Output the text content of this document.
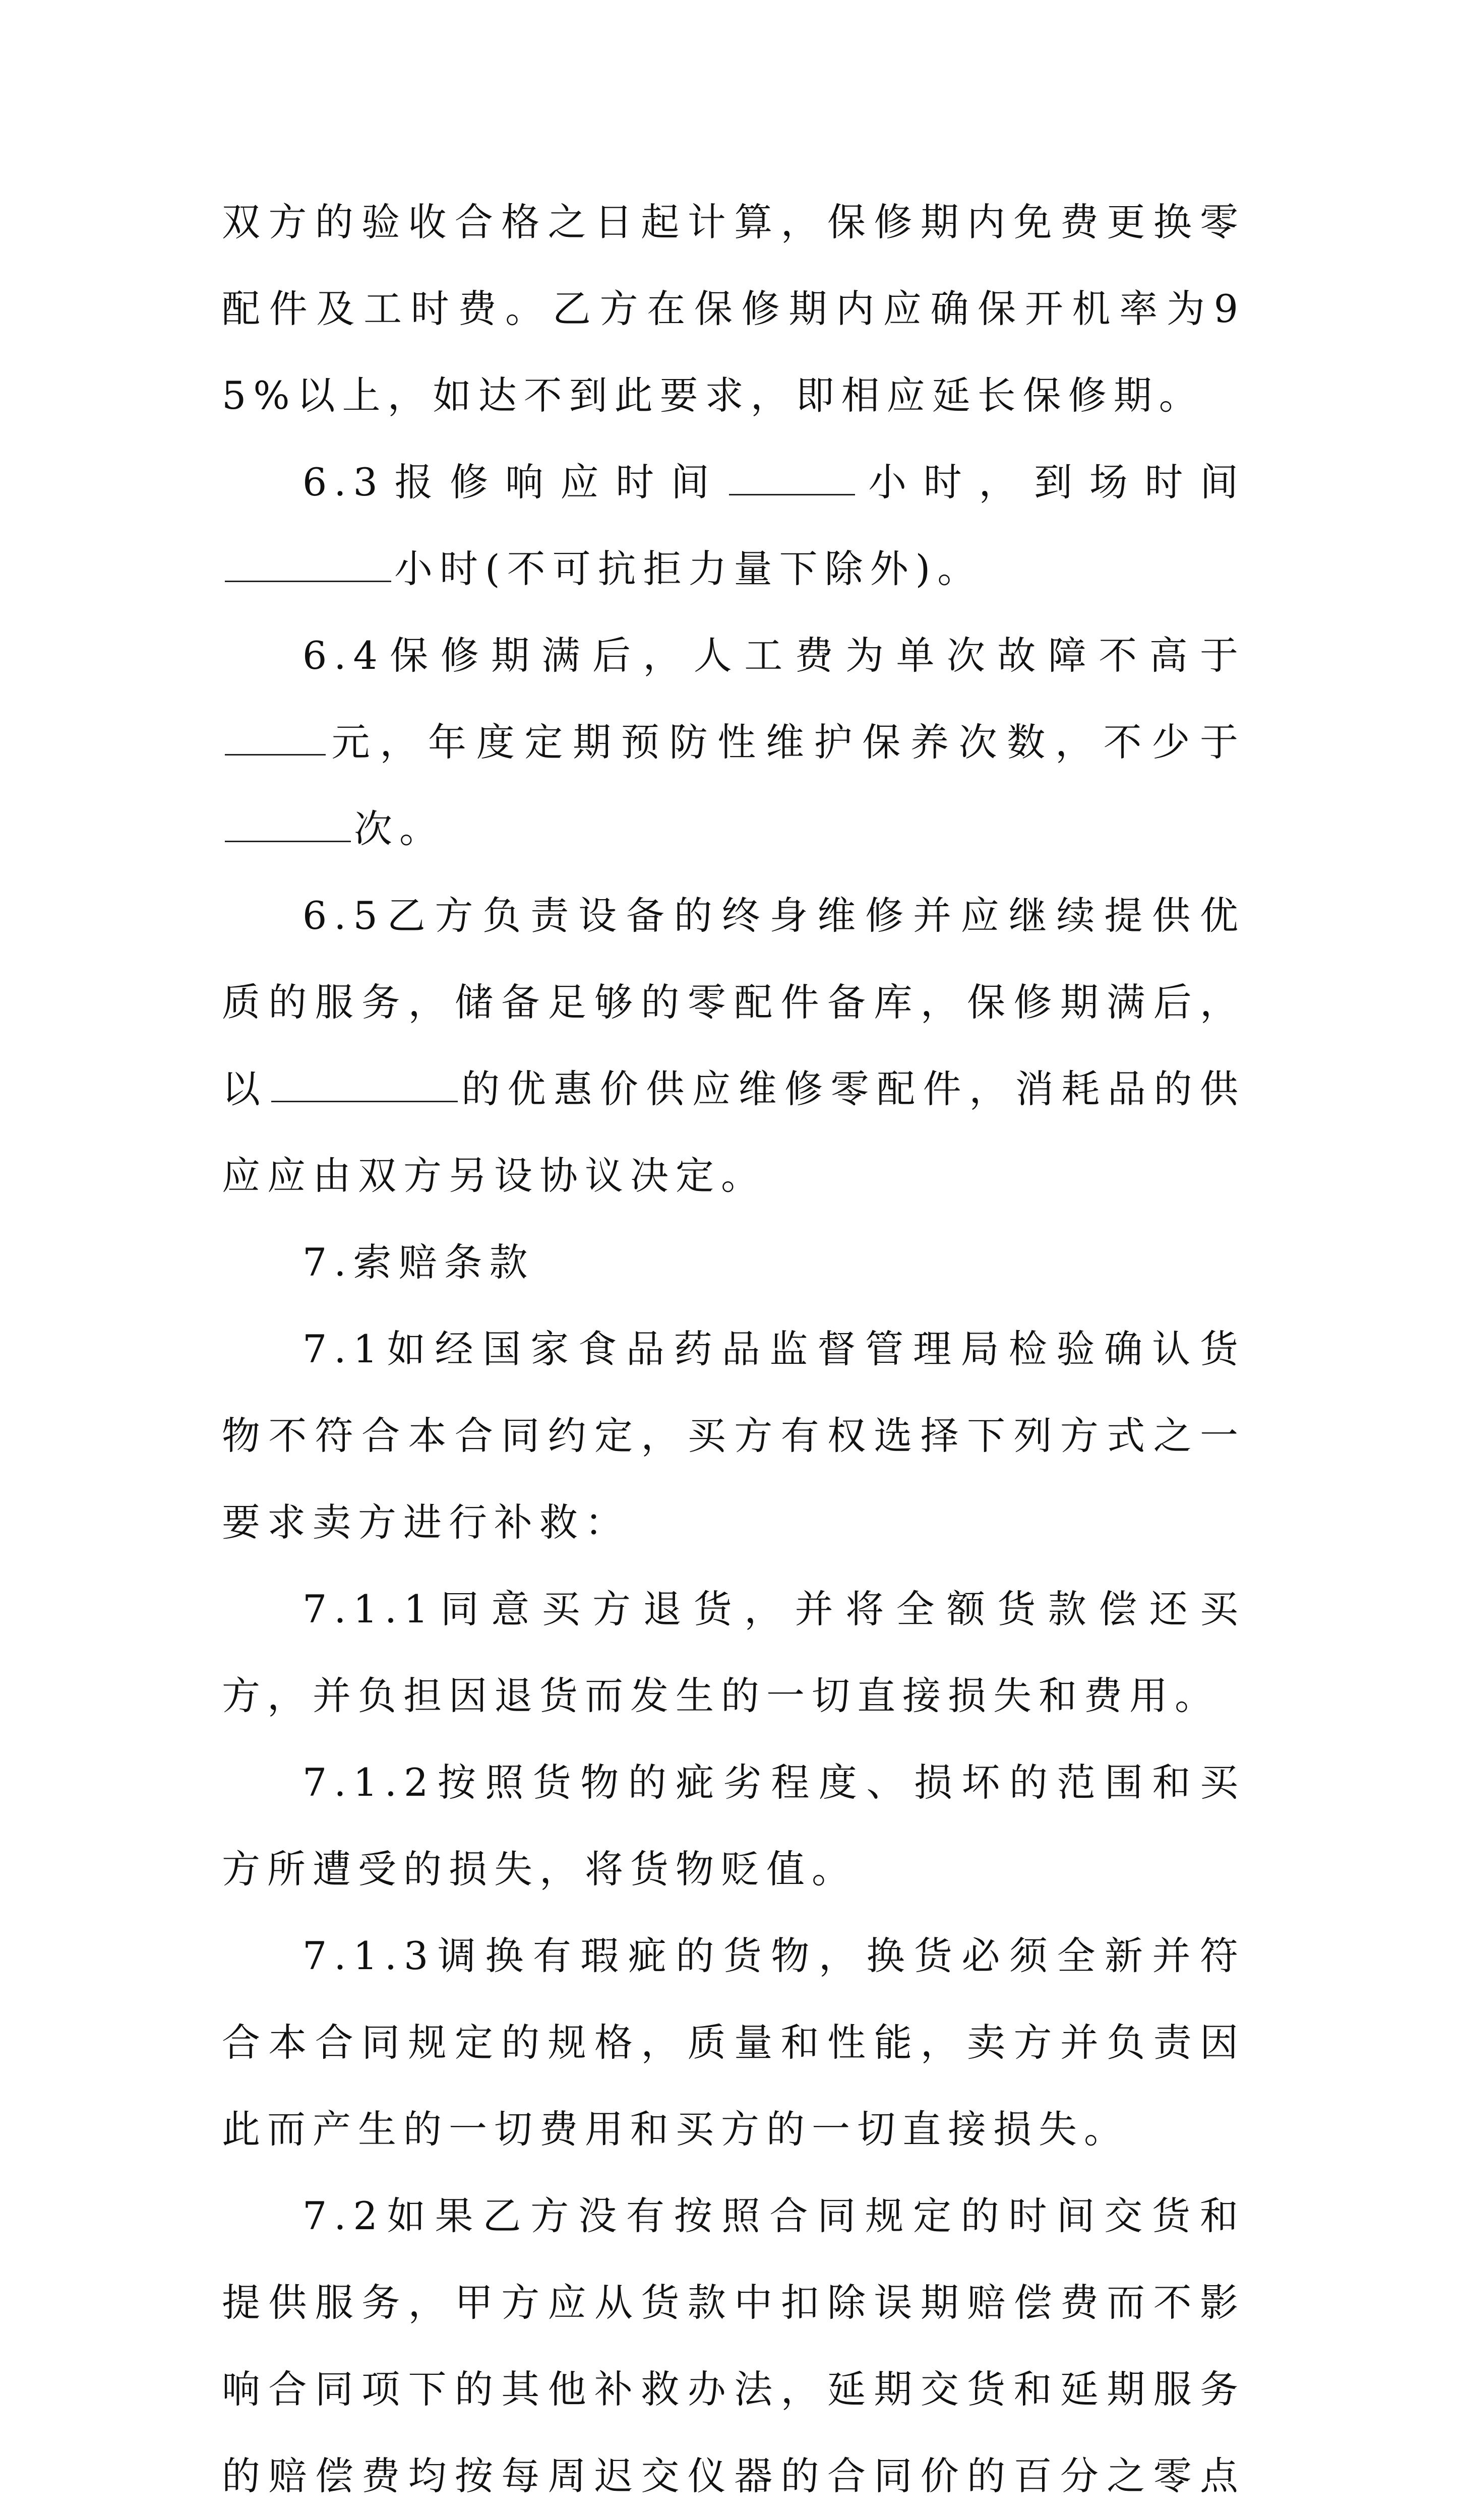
双方的验收合格之日起计算，保修期内免费更换零配件及工时费。乙方在保修期内应确保开机率为95%以上，如达不到此要求，即相应延长保修期。

6.3报修响应时间	小时，到场时间小时(不可抗拒力量下除外)。

6.4保修期满后，人工费为单次故障不高于元，年度定期预防性维护保养次数，不少于次。

6.5乙方负责设备的终身维修并应继续提供优质的服务，储备足够的零配件备库，保修期满后，以	的优惠价供应维修零配件，消耗品的供应应由双方另设协议决定。

7.索赔条款

7.1如经国家食品药品监督管理局检验确认货物不符合本合同约定，买方有权选择下列方式之一要求卖方进行补救：

7.1.1同意买方退货，并将全额货款偿还买方，并负担因退货而发生的一切直接损失和费用。

7.1.2按照货物的疵劣程度、损坏的范围和买方所遭受的损失，将货物贬值。

7.1.3调换有瑕疵的货物，换货必须全新并符合本合同规定的规格，质量和性能，卖方并负责因此而产生的一切费用和买方的一切直接损失。

7.2如果乙方没有按照合同规定的时间交货和提供服务，甲方应从货款中扣除误期赔偿费而不影响合同项下的其他补救办法，延期交货和延期服务的赔偿费均按每周迟交仪器的合同价的百分之零点
